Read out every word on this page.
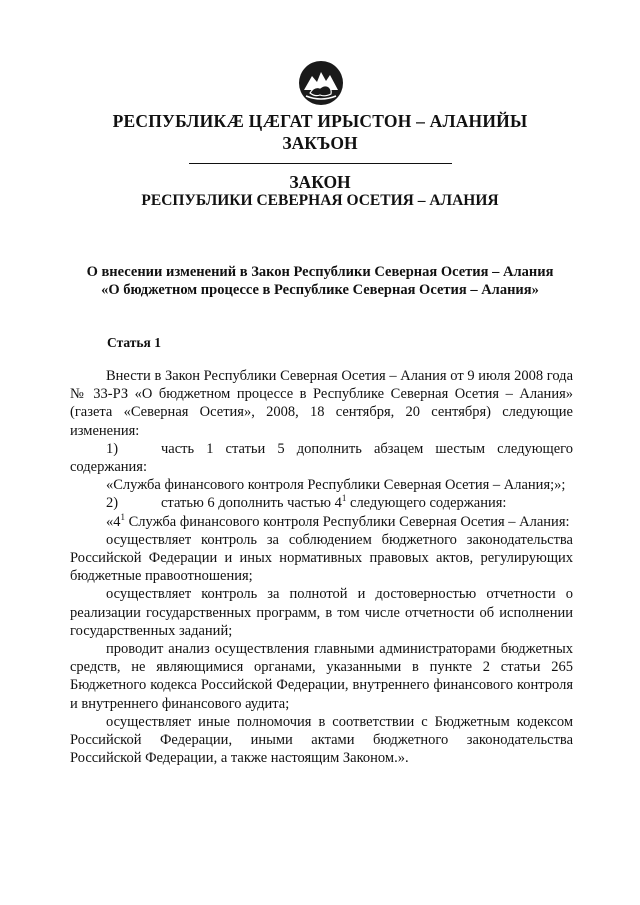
РЕСПУБЛИКӔ ЦӔГАТ ИРЫСТОН – АЛАНИЙЫ
ЗАКЪОН
ЗАКОН
РЕСПУБЛИКИ СЕВЕРНАЯ ОСЕТИЯ – АЛАНИЯ
О внесении изменений в Закон Республики Северная Осетия – Алания
«О бюджетном процессе в Республике Северная Осетия – Алания»
Статья 1

Внести в Закон Республики Северная Осетия – Алания от 9 июля 2008 года № 33-РЗ «О бюджетном процессе в Республике Северная Осетия – Алания» (газета «Северная Осетия», 2008, 18 сентября, 20 сентября) следующие изменения:

1)	часть 1 статьи 5 дополнить абзацем шестым следующего содержания:

«Служба финансового контроля Республики Северная Осетия – Алания;»;

2)	статью 6 дополнить частью $4^1$ следующего содержания:

«$4^1$ Служба финансового контроля Республики Северная Осетия – Алания:

осуществляет контроль за соблюдением бюджетного законодательства Российской Федерации и иных нормативных правовых актов, регулирующих бюджетные правоотношения;

осуществляет контроль за полнотой и достоверностью отчетности о реализации государственных программ, в том числе отчетности об исполнении государственных заданий;

проводит анализ осуществления главными администраторами бюджетных средств, не являющимися органами, указанными в пункте 2 статьи 265 Бюджетного кодекса Российской Федерации, внутреннего финансового контроля и внутреннего финансового аудита;

осуществляет иные полномочия в соответствии с Бюджетным кодексом Российской Федерации, иными актами бюджетного законодательства Российской Федерации, а также настоящим Законом.».
